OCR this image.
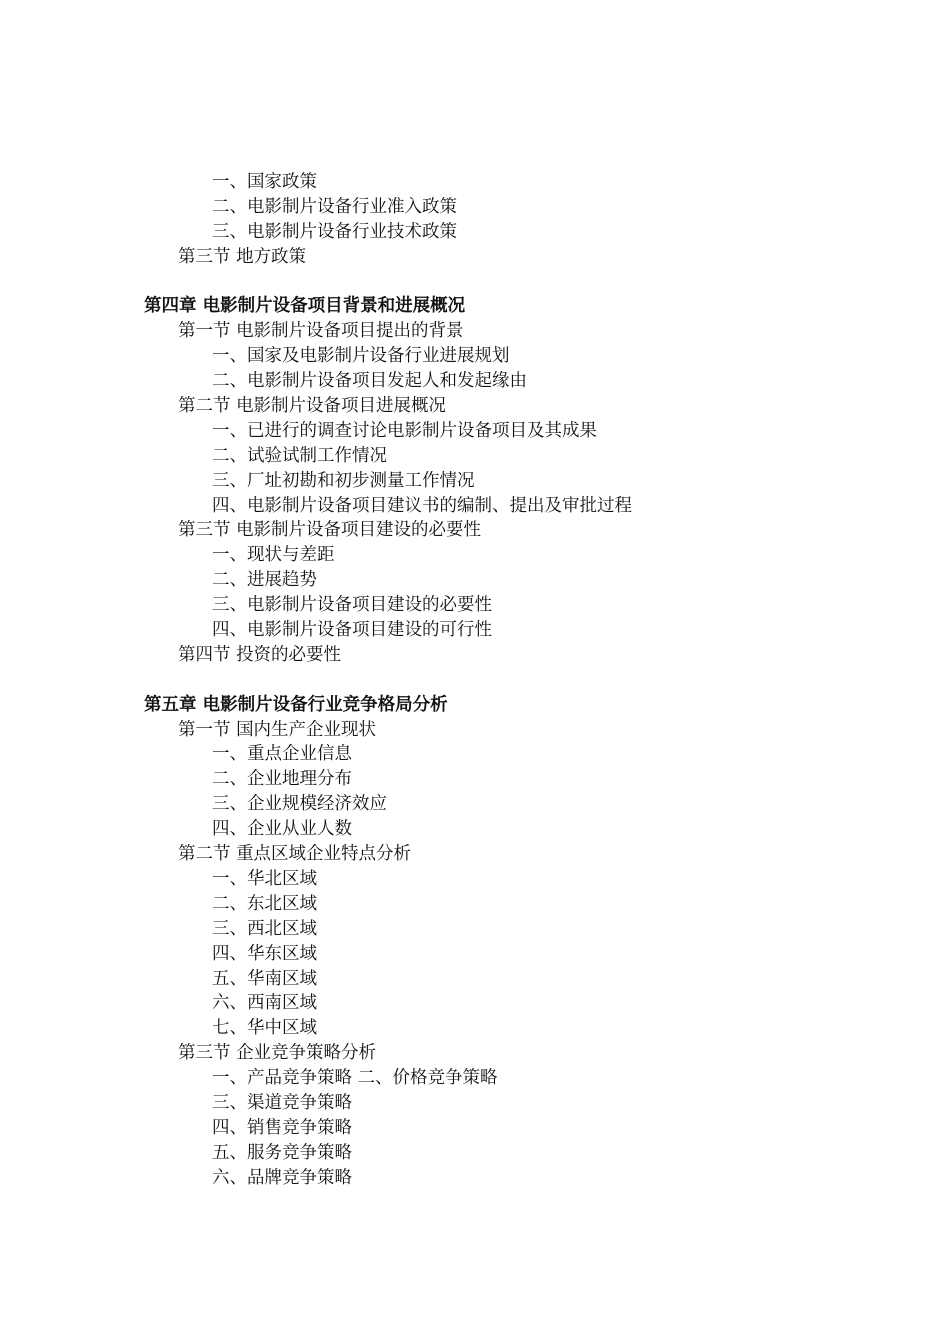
一、国家政策
二、电影制片设备行业准入政策
三、电影制片设备行业技术政策
第三节 地方政策
第四章 电影制片设备项目背景和进展概况
第一节 电影制片设备项目提出的背景
一、国家及电影制片设备行业进展规划
二、电影制片设备项目发起人和发起缘由
第二节 电影制片设备项目进展概况
一、已进行的调查讨论电影制片设备项目及其成果
二、试验试制工作情况
三、厂址初勘和初步测量工作情况
四、电影制片设备项目建议书的编制、提出及审批过程
第三节 电影制片设备项目建设的必要性
一、现状与差距
二、进展趋势
三、电影制片设备项目建设的必要性
四、电影制片设备项目建设的可行性
第四节 投资的必要性
第五章 电影制片设备行业竞争格局分析
第一节 国内生产企业现状
一、重点企业信息
二、企业地理分布
三、企业规模经济效应
四、企业从业人数
第二节 重点区域企业特点分析
一、华北区域
二、东北区域
三、西北区域
四、华东区域
五、华南区域
六、西南区域
七、华中区域
第三节 企业竞争策略分析
一、产品竞争策略 二、价格竞争策略
三、渠道竞争策略
四、销售竞争策略
五、服务竞争策略
六、品牌竞争策略
